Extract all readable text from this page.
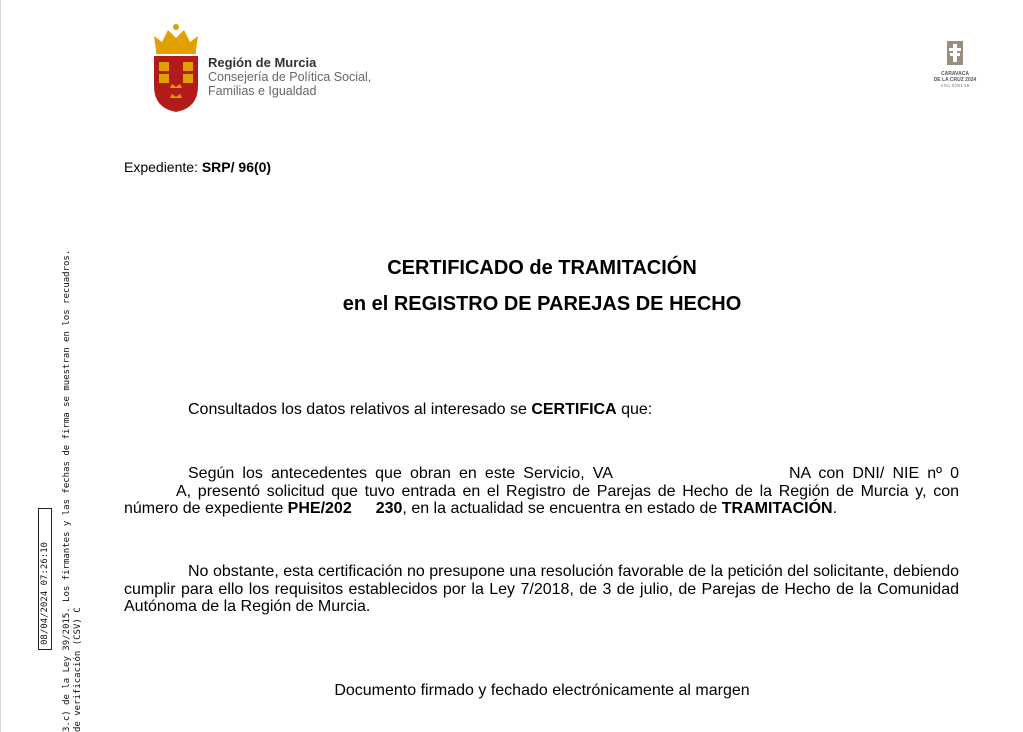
Región de Murcia
Consejería de Política Social,
Familias e Igualdad
CARAVACA
DE LA CRUZ 2024
AÑO JUBILAR
Expediente: SRP/ 96(0)
CERTIFICADO de TRAMITACIÓN
en el REGISTRO DE PAREJAS DE HECHO
Consultados los datos relativos al interesado se CERTIFICA que:

Según los antecedentes que obran en este Servicio, VA	NA con DNI/ NIE nº 0A, presentó solicitud que tuvo entrada en el Registro de Parejas de Hecho de la Región de Murcia y, con número de expediente PHE/202 230, en la actualidad se encuentra en estado de TRAMITACIÓN.

No obstante, esta certificación no presupone una resolución favorable de la petición del solicitante, debiendo cumplir para ello los requisitos establecidos por la Ley 7/2018, de 3 de julio, de Parejas de Hecho de la Comunidad Autónoma de la Región de Murcia.

Documento firmado y fechado electrónicamente al margen
3.c) de la Ley 39/2015. Los firmantes y las fechas de firma se muestran en los recuadros. de verificación (CSV) C
08/04/2024 07:26:10
